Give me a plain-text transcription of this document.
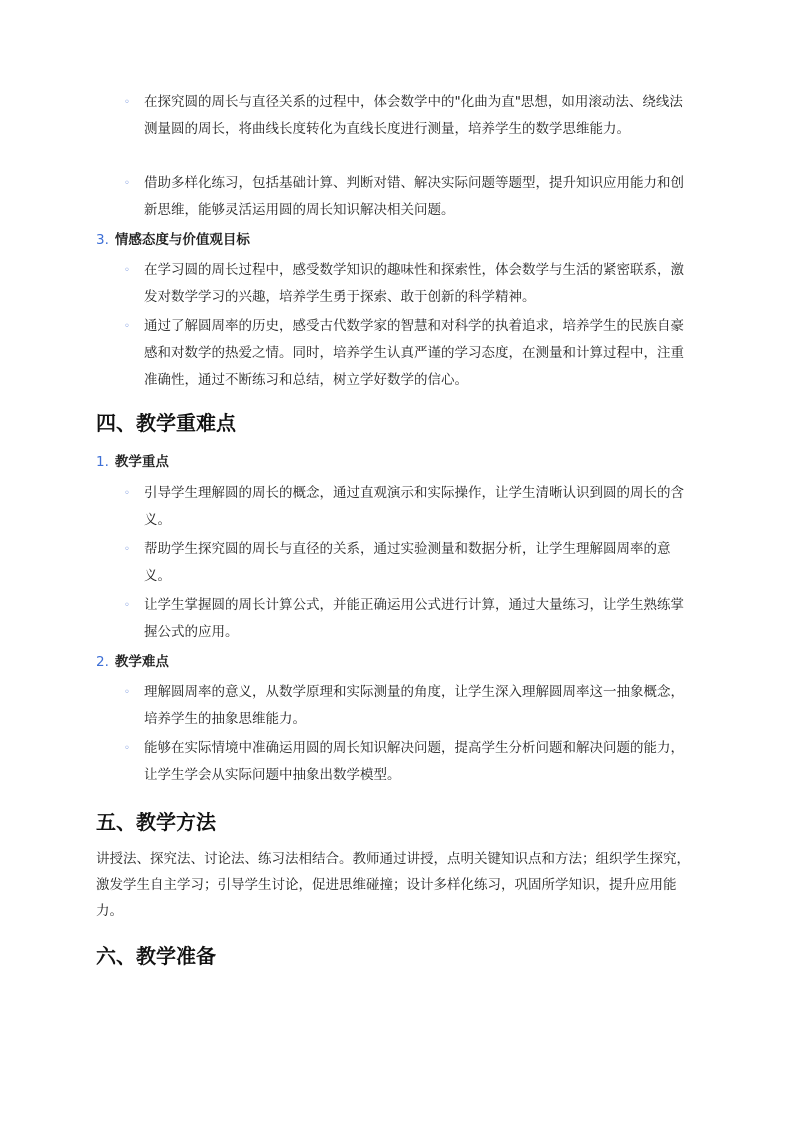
◦ 在探究圆的周长与直径关系的过程中，体会数学中的"化曲为直"思想，如用滚动法、绕线法测量圆的周长，将曲线长度转化为直线长度进行测量，培养学生的数学思维能力。
◦ 借助多样化练习，包括基础计算、判断对错、解决实际问题等题型，提升知识应用能力和创新思维，能够灵活运用圆的周长知识解决相关问题。
3. 情感态度与价值观目标
◦ 在学习圆的周长过程中，感受数学知识的趣味性和探索性，体会数学与生活的紧密联系，激发对数学学习的兴趣，培养学生勇于探索、敢于创新的科学精神。
◦ 通过了解圆周率的历史，感受古代数学家的智慧和对科学的执着追求，培养学生的民族自豪感和对数学的热爱之情。同时，培养学生认真严谨的学习态度，在测量和计算过程中，注重准确性，通过不断练习和总结，树立学好数学的信心。
四、教学重难点
1. 教学重点
◦ 引导学生理解圆的周长的概念，通过直观演示和实际操作，让学生清晰认识到圆的周长的含义。
◦ 帮助学生探究圆的周长与直径的关系，通过实验测量和数据分析，让学生理解圆周率的意义。
◦ 让学生掌握圆的周长计算公式，并能正确运用公式进行计算，通过大量练习，让学生熟练掌握公式的应用。
2. 教学难点
◦ 理解圆周率的意义，从数学原理和实际测量的角度，让学生深入理解圆周率这一抽象概念，培养学生的抽象思维能力。
◦ 能够在实际情境中准确运用圆的周长知识解决问题，提高学生分析问题和解决问题的能力，让学生学会从实际问题中抽象出数学模型。
五、教学方法
讲授法、探究法、讨论法、练习法相结合。教师通过讲授，点明关键知识点和方法；组织学生探究，激发学生自主学习；引导学生讨论，促进思维碰撞；设计多样化练习，巩固所学知识，提升应用能力。
六、教学准备
